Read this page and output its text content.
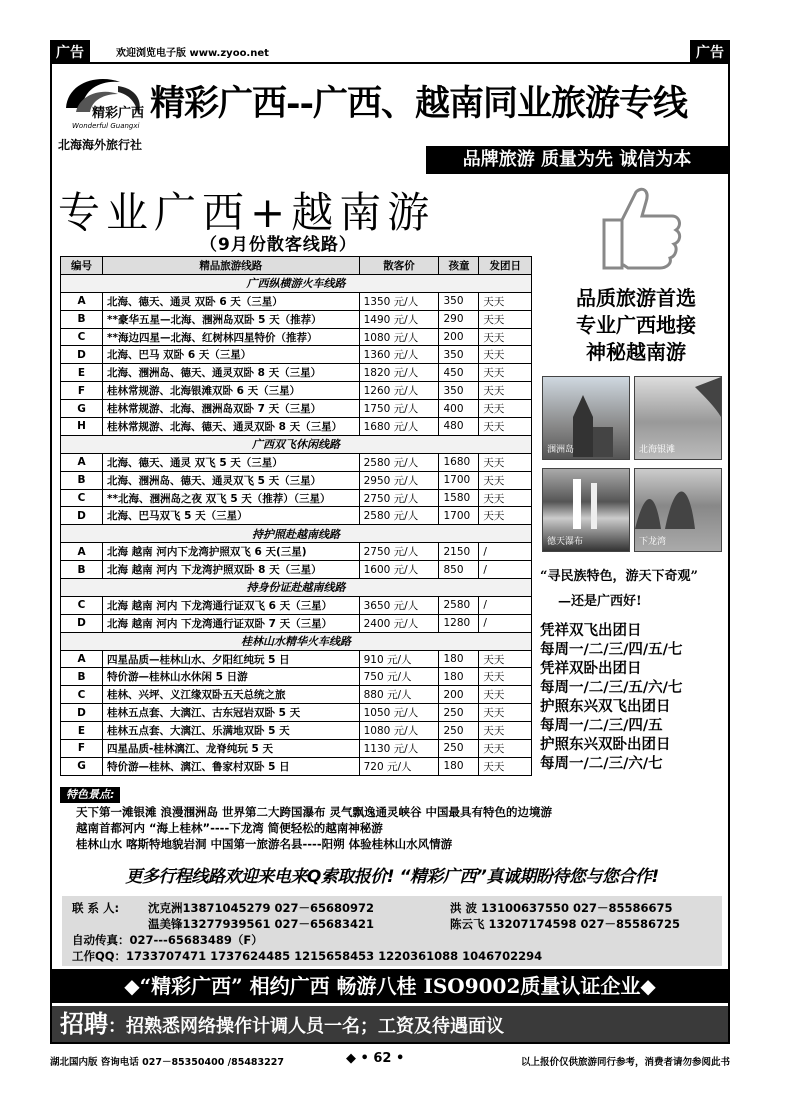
广告	欢迎浏览电子版 www.zyoo.net	广告
精彩广西
Wonderful Guangxi
北海海外旅行社
精彩广西--广西、越南同业旅游专线
品牌旅游 质量为先 诚信为本
专业广西+越南游
（9月份散客线路）
编号	精品旅游线路	散客价	孩童	发团日
广西纵横游火车线路				
A	北海、德天、通灵 双卧 6 天（三星）	1350 元/人	350	天天
B	**豪华五星—北海、涠洲岛双卧 5 天（推荐）	1490 元/人	290	天天
C	**海边四星—北海、红树林四星特价（推荐）	1080 元/人	200	天天
D	北海、巴马 双卧 6 天（三星）	1360 元/人	350	天天
E	北海、涠洲岛、德天、通灵双卧 8 天（三星）	1820 元/人	450	天天
F	桂林常规游、北海银滩双卧 6 天（三星）	1260 元/人	350	天天
G	桂林常规游、北海、涠洲岛双卧 7 天（三星）	1750 元/人	400	天天
H	桂林常规游、北海、德天、通灵双卧 8 天（三星）	1680 元/人	480	天天
广西双飞休闲线路				
A	北海、德天、通灵 双飞 5 天（三星）	2580 元/人	1680	天天
B	北海、涠洲岛、德天、通灵双飞 5 天（三星）	2950 元/人	1700	天天
C	**北海、涠洲岛之夜 双飞 5 天（推荐）（三星）	2750 元/人	1580	天天
D	北海、巴马双飞 5 天（三星）	2580 元/人	1700	天天
持护照赴越南线路				
A	北海 越南 河内下龙湾护照双飞 6 天(三星)	2750 元/人	2150	/
B	北海 越南 河内 下龙湾护照双卧 8 天（三星）	1600 元/人	850	/
持身份证赴越南线路				
C	北海 越南 河内 下龙湾通行证双飞 6 天（三星）	3650 元/人	2580	/
D	北海 越南 河内 下龙湾通行证双卧 7 天（三星）	2400 元/人	1280	/
桂林山水精华火车线路				
A	四星品质—桂林山水、夕阳红纯玩 5 日	910 元/人	180	天天
B	特价游—桂林山水休闲 5 日游	750 元/人	180	天天
C	桂林、兴坪、义江缘双卧五天总统之旅	880 元/人	200	天天
D	桂林五点套、大漓江、古东冠岩双卧 5 天	1050 元/人	250	天天
E	桂林五点套、大漓江、乐满地双卧 5 天	1080 元/人	250	天天
F	四星品质-桂林漓江、龙脊纯玩 5 天	1130 元/人	250	天天
G	特价游—桂林、漓江、鲁家村双卧 5 日	720 元/人	180	天天
品质旅游首选
专业广西地接
神秘越南游
涠洲岛	北海银滩
德天瀑布	下龙湾
“寻民族特色，游天下奇观”
—还是广西好!
凭祥双飞出团日
每周一/二/三/四/五/七
凭祥双卧出团日
每周一/二/三/五/六/七
护照东兴双飞出团日
每周一/二/三/四/五
护照东兴双卧出团日
每周一/二/三/六/七
特色景点:
天下第一滩银滩 浪漫涠洲岛 世界第二大跨国瀑布 灵气飘逸通灵峡谷 中国最具有特色的边境游
越南首都河内 “海上桂林”----下龙湾 简便轻松的越南神秘游
桂林山水 喀斯特地貌岩洞 中国第一旅游名县----阳朔 体验桂林山水风情游
更多行程线路欢迎来电来Q索取报价! “精彩广西”真诚期盼待您与您合作!
联 系 人:	沈克洲13871045279 027－65680972	洪 波 13100637550 027－85586675
温美锋13277939561 027－65683421	陈云飞 13207174598 027－85586725
自动传真：027---65683489（F）
工作QQ：1733707471 1737624485 1215658453 1220361088 1046702294
◆“精彩广西” 相约广西 畅游八桂 ISO9002质量认证企业◆
招聘：招熟悉网络操作计调人员一名；工资及待遇面议
湖北国内版 咨询电话 027－85350400 /85483227	◆ • 62 •	以上报价仅供旅游同行参考，消费者请勿参阅此书
